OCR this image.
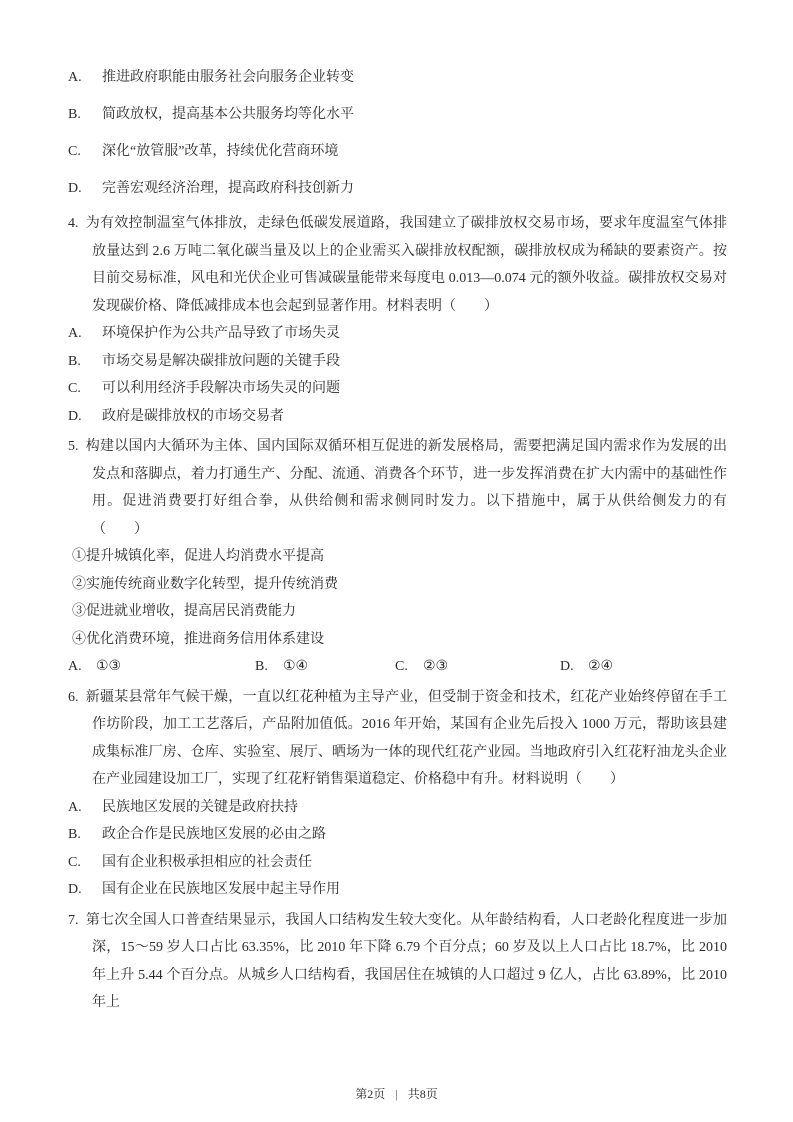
A. 推进政府职能由服务社会向服务企业转变
B. 简政放权，提高基本公共服务均等化水平
C. 深化“放管服”改革，持续优化营商环境
D. 完善宏观经济治理，提高政府科技创新力

4. 为有效控制温室气体排放，走绿色低碳发展道路，我国建立了碳排放权交易市场，要求年度温室气体排放量达到 2.6 万吨二氧化碳当量及以上的企业需买入碳排放权配额，碳排放权成为稀缺的要素资产。按目前交易标准，风电和光伏企业可售减碳量能带来每度电 0.013—0.074 元的额外收益。碳排放权交易对发现碳价格、降低减排成本也会起到显著作用。材料表明（　　）

A. 环境保护作为公共产品导致了市场失灵
B. 市场交易是解决碳排放问题的关键手段
C. 可以利用经济手段解决市场失灵的问题
D. 政府是碳排放权的市场交易者

5. 构建以国内大循环为主体、国内国际双循环相互促进的新发展格局，需要把满足国内需求作为发展的出发点和落脚点，着力打通生产、分配、流通、消费各个环节，进一步发挥消费在扩大内需中的基础性作用。促进消费要打好组合拳，从供给侧和需求侧同时发力。以下措施中，属于从供给侧发力的有（　　）

①提升城镇化率，促进人均消费水平提高
②实施传统商业数字化转型，提升传统消费
③促进就业增收，提高居民消费能力
④优化消费环境，推进商务信用体系建设
A. ①③	B. ①④	C. ②③	D. ②④

6. 新疆某县常年气候干燥，一直以红花种植为主导产业，但受制于资金和技术，红花产业始终停留在手工作坊阶段，加工工艺落后，产品附加值低。2016 年开始，某国有企业先后投入 1000 万元，帮助该县建成集标准厂房、仓库、实验室、展厅、晒场为一体的现代红花产业园。当地政府引入红花籽油龙头企业在产业园建设加工厂，实现了红花籽销售渠道稳定、价格稳中有升。材料说明（　　）

A. 民族地区发展的关键是政府扶持
B. 政企合作是民族地区发展的必由之路
C. 国有企业积极承担相应的社会责任
D. 国有企业在民族地区发展中起主导作用

7. 第七次全国人口普查结果显示，我国人口结构发生较大变化。从年龄结构看，人口老龄化程度进一步加深，15～59 岁人口占比 63.35%，比 2010 年下降 6.79 个百分点；60 岁及以上人口占比 18.7%，比 2010 年上升 5.44 个百分点。从城乡人口结构看，我国居住在城镇的人口超过 9 亿人，占比 63.89%，比 2010 年上

第2页 | 共8页
